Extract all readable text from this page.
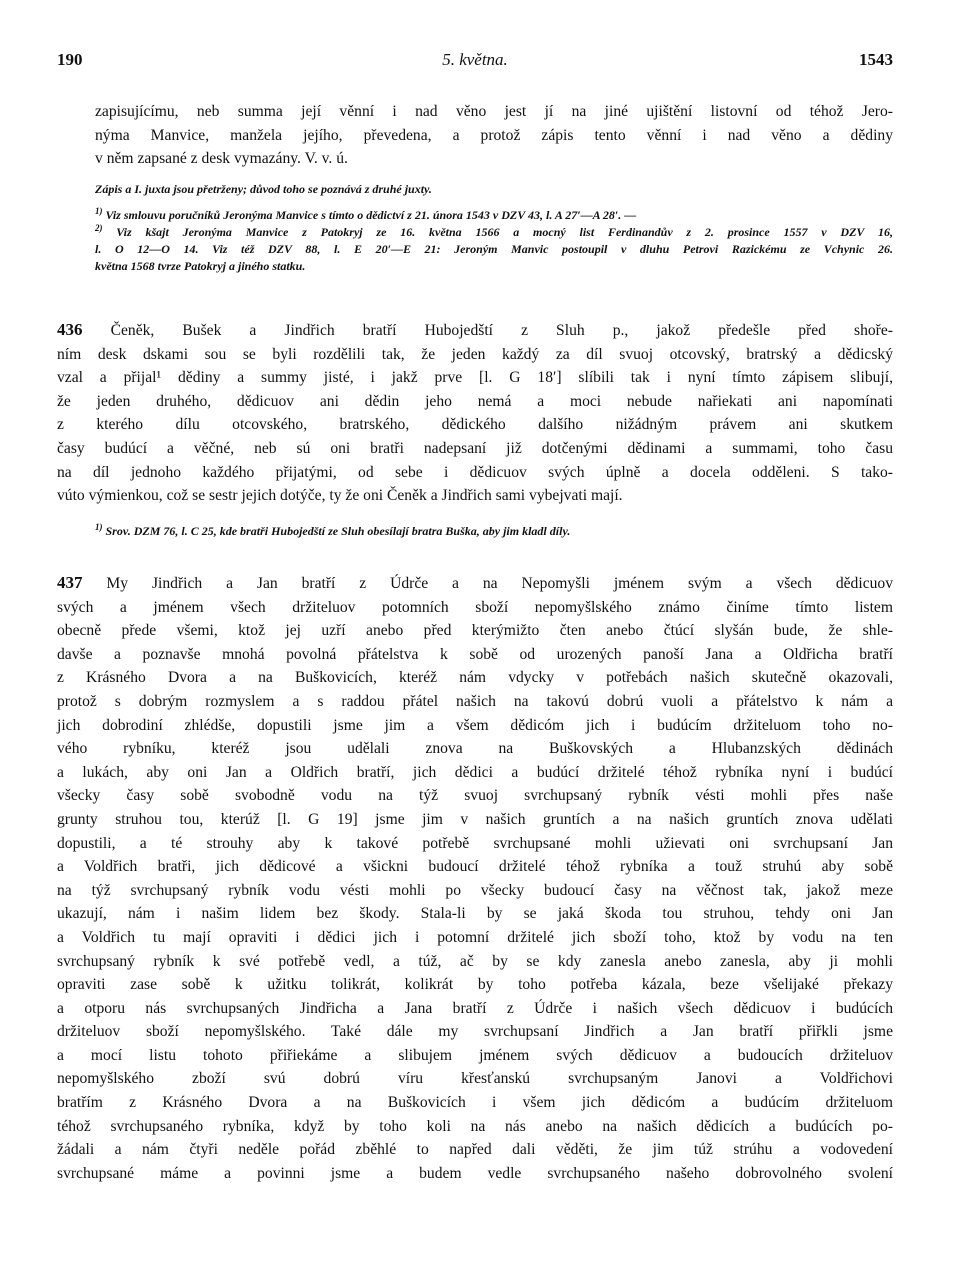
190	5. května.	1543
zapisujícímu, neb summa její věnní i nad věno jest jí na jiné ujištění listovní od téhož Jero-
nýma Manvice, manžela jejího, převedena, a protož zápis tento věnní i nad věno a dědiny
v něm zapsané z desk vymazány. V. v. ú.
Zápis a I. juxta jsou přetrženy; důvod toho se poznává z druhé juxty.
$^{1)}$ Viz smlouvu poručníků Jeronýma Manvice s tímto o dědictví z 21. února 1543 v DZV 43, l. A 27′—A 28′. —
$^{2)}$ Viz kšajt Jeronýma Manvice z Patokryj ze 16. května 1566 a mocný list Ferdinandův z 2. prosince 1557 v DZV 16,
l. O 12—O 14. Viz též DZV 88, l. E 20′—E 21: Jeroným Manvic postoupil v dluhu Petrovi Razickému ze Vchynic 26.
května 1568 tvrze Patokryj a jiného statku.
436 Čeněk, Bušek a Jindřich bratří Hubojedští z Sluh p., jakož předešle před shoře-
ním desk dskami sou se byli rozdělili tak, že jeden každý za díl svuoj otcovský, bratrský a dědicský
vzal a přijal¹ dědiny a summy jisté, i jakž prve [l. G 18′] slíbili tak i nyní tímto zápisem slibují,
že jeden druhého, dědicuov ani dědin jeho nemá a moci nebude nařiekati ani napomínati
z kterého dílu otcovského, bratrského, dědického dalšího nižádným právem ani skutkem
časy budúcí a věčné, neb sú oni bratři nadepsaní již dotčenými dědinami a summami, toho času
na díl jednoho každého přijatými, od sebe i dědicuov svých úplně a docela odděleni. S tako-
vúto výmienkou, což se sestr jejich dotýče, ty že oni Čeněk a Jindřich sami vybejvati mají.
$^{1)}$ Srov. DZM 76, l. C 25, kde bratři Hubojedští ze Sluh obesílají bratra Buška, aby jim kladl díly.
437 My Jindřich a Jan bratří z Údrče a na Nepomyšli jménem svým a všech dědicuov
svých a jménem všech držiteluov potomních sboží nepomyšlského známo činíme tímto listem
obecně přede všemi, ktož jej uzří anebo před kterýmižto čten anebo čtúcí slyšán bude, že shle-
davše a poznavše mnohá povolná přátelstva k sobě od urozených panoší Jana a Oldřicha bratří
z Krásného Dvora a na Buškovicích, kteréž nám vdycky v potřebách našich skutečně okazovali,
protož s dobrým rozmyslem a s raddou přátel našich na takovú dobrú vuoli a přátelstvo k nám a
jich dobrodiní zhlédše, dopustili jsme jim a všem dědicóm jich i budúcím držiteluom toho no-
vého rybníku, kteréž jsou udělali znova na Buškovských a Hlubanzských dědinách
a lukách, aby oni Jan a Oldřich bratří, jich dědici a budúcí držitelé téhož rybníka nyní i budúcí
všecky časy sobě svobodně vodu na týž svuoj svrchupsaný rybník vésti mohli přes naše
grunty struhou tou, kterúž [l. G 19] jsme jim v našich gruntích a na našich gruntích znova udělati
dopustili, a té strouhy aby k takové potřebě svrchupsané mohli užievati oni svrchupsaní Jan
a Voldřich bratři, jich dědicové a všickni budoucí držitelé téhož rybníka a touž struhú aby sobě
na týž svrchupsaný rybník vodu vésti mohli po všecky budoucí časy na věčnost tak, jakož meze
ukazují, nám i našim lidem bez škody. Stala-li by se jaká škoda tou struhou, tehdy oni Jan
a Voldřich tu mají opraviti i dědici jich i potomní držitelé jich sboží toho, ktož by vodu na ten
svrchupsaný rybník k své potřebě vedl, a túž, ač by se kdy zanesla anebo zanesla, aby ji mohli
opraviti zase sobě k užitku tolikrát, kolikrát by toho potřeba kázala, beze všelijaké překazy
a otporu nás svrchupsaných Jindřicha a Jana bratří z Údrče i našich všech dědicuov i budúcích
držiteluov sboží nepomyšlského. Také dále my svrchupsaní Jindřich a Jan bratří přiřkli jsme
a mocí listu tohoto přiřiekáme a slibujem jménem svých dědicuov a budoucích držiteluov
nepomyšlského zboží svú dobrú víru křesťanskú svrchupsaným Janovi a Voldřichovi
bratřím z Krásného Dvora a na Buškovicích i všem jich dědicóm a budúcím držiteluom
téhož svrchupsaného rybníka, když by toho koli na nás anebo na našich dědicích a budúcích po-
žádali a nám čtyři neděle pořád zběhlé to napřed dali věděti, že jim túž strúhu a vodovedení
svrchupsané máme a povinni jsme a budem vedle svrchupsaného našeho dobrovolného svolení
